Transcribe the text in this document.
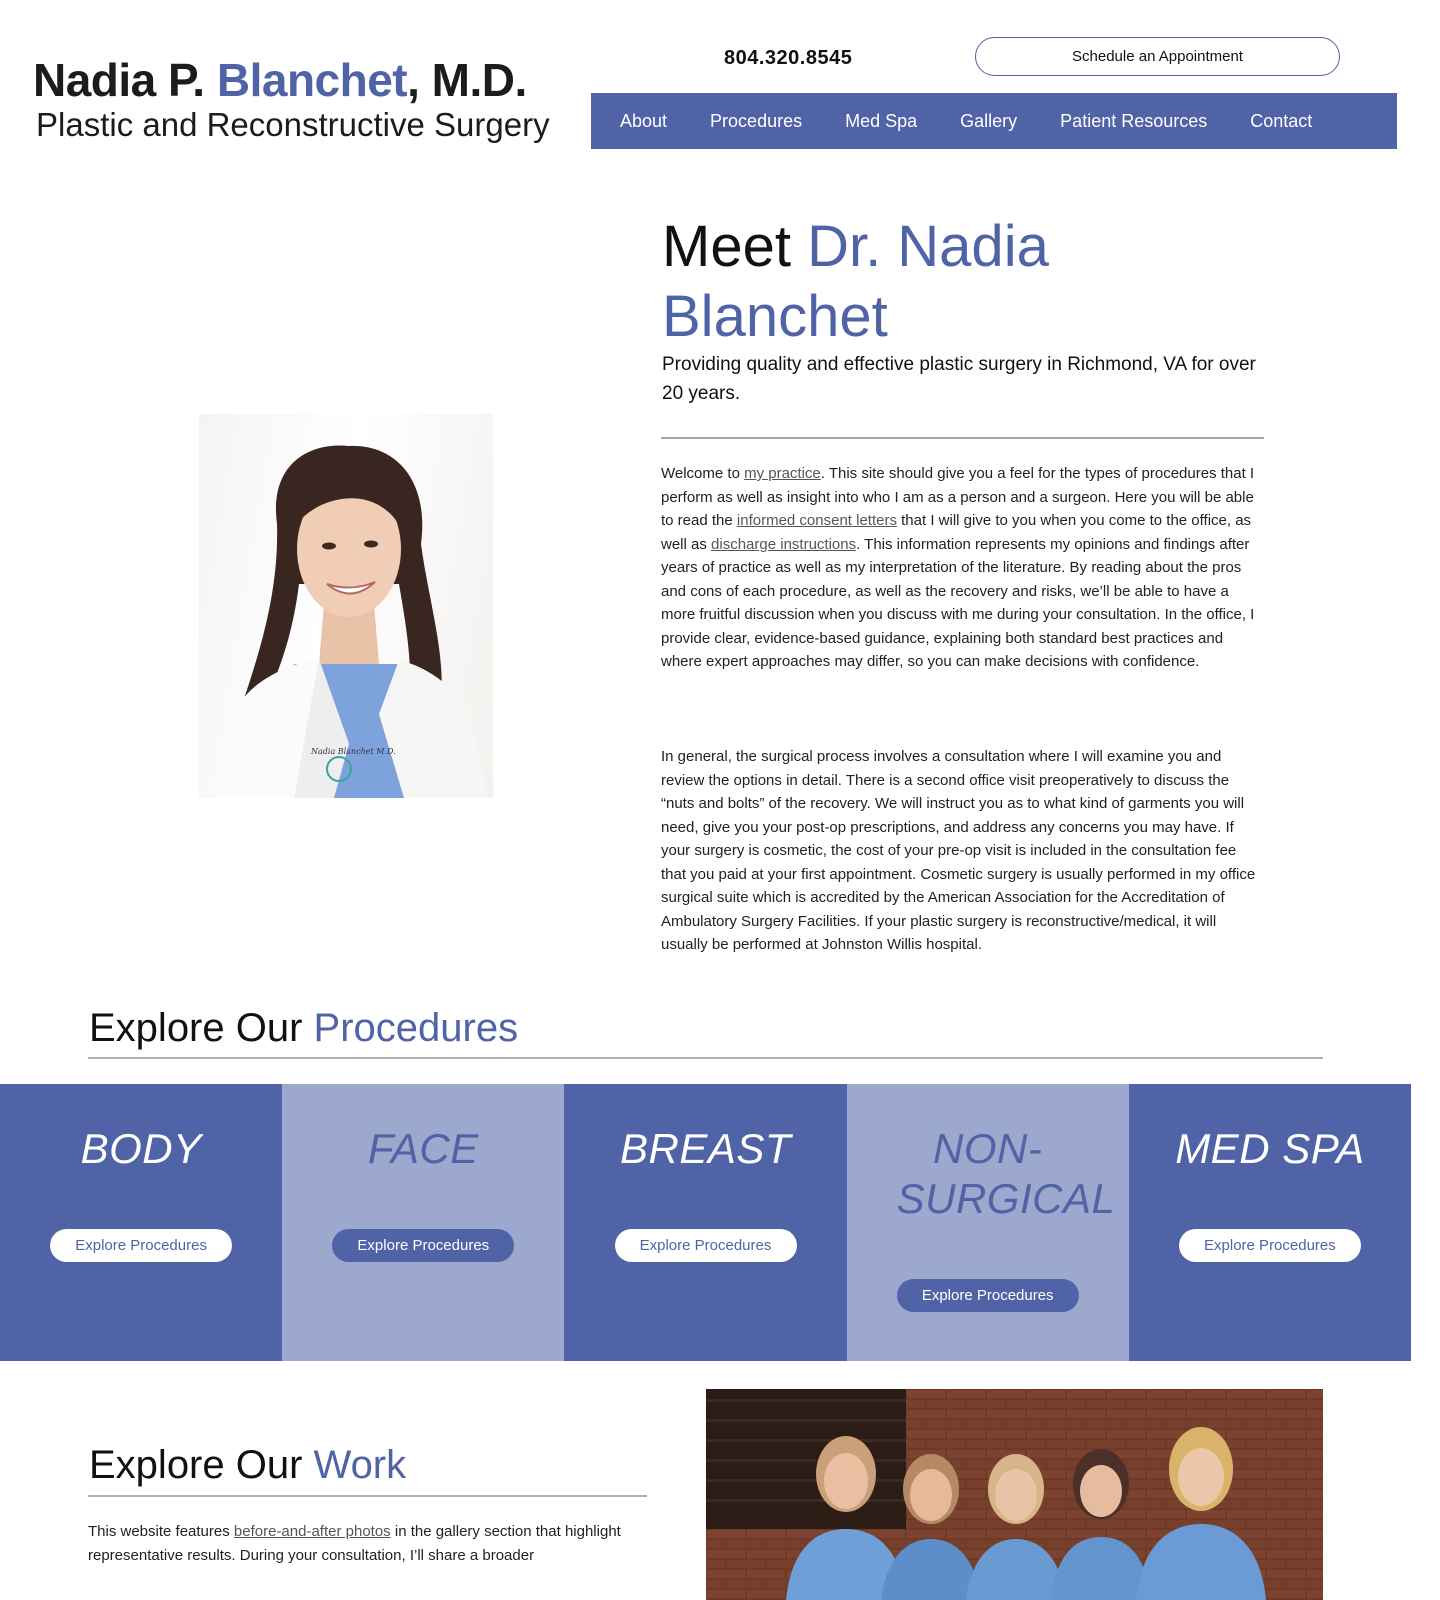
Nadia P. Blanchet, M.D.
Plastic and Reconstructive Surgery
804.320.8545	Schedule an Appointment
About Procedures Med Spa Gallery Patient Resources Contact
Nadia Blanchet M.D.
Meet Dr. Nadia Blanchet
Providing quality and effective plastic surgery in Richmond, VA for over 20 years.

Welcome to my practice. This site should give you a feel for the types of procedures that I perform as well as insight into who I am as a person and a surgeon. Here you will be able to read the informed consent letters that I will give to you when you come to the office, as well as discharge instructions. This information represents my opinions and findings after years of practice as well as my interpretation of the literature. By reading about the pros and cons of each procedure, as well as the recovery and risks, we’ll be able to have a more fruitful discussion when you discuss with me during your consultation. In the office, I provide clear, evidence-based guidance, explaining both standard best practices and where expert approaches may differ, so you can make decisions with confidence.

In general, the surgical process involves a consultation where I will examine you and review the options in detail. There is a second office visit preoperatively to discuss the “nuts and bolts” of the recovery. We will instruct you as to what kind of garments you will need, give you your post-op prescriptions, and address any concerns you may have. If your surgery is cosmetic, the cost of your pre-op visit is included in the consultation fee that you paid at your first appointment. Cosmetic surgery is usually performed in my office surgical suite which is accredited by the American Association for the Accreditation of Ambulatory Surgery Facilities. If your plastic surgery is reconstructive/medical, it will usually be performed at Johnston Willis hospital.

Explore Our Procedures
BODY
Explore Procedures
FACE
Explore Procedures
BREAST
Explore Procedures
NON-SURGICAL
Explore Procedures
MED SPA
Explore Procedures
Explore Our Work

This website features before-and-after photos in the gallery section that highlight representative results. During your consultation, I’ll share a broader
